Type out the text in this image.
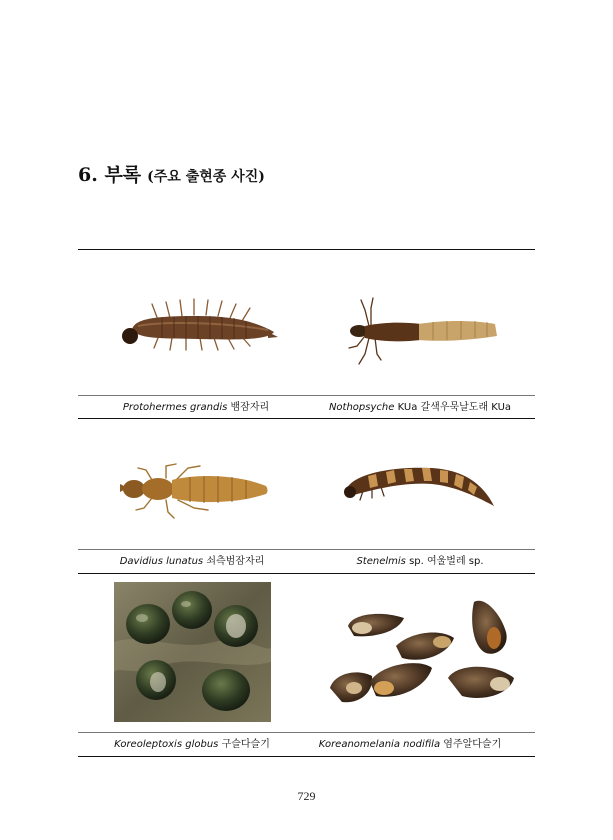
6. 부록 (주요 출현종 사진)
Protohermes grandis 뱀잠자리	Nothopsyche KUa 갈색우묵날도래 KUa
Davidius lunatus 쇠측범잠자리	Stenelmis sp. 여울벌레 sp.
Koreoleptoxis globus 구슬다슬기	Koreanomelania nodifila 염주알다슬기
729
